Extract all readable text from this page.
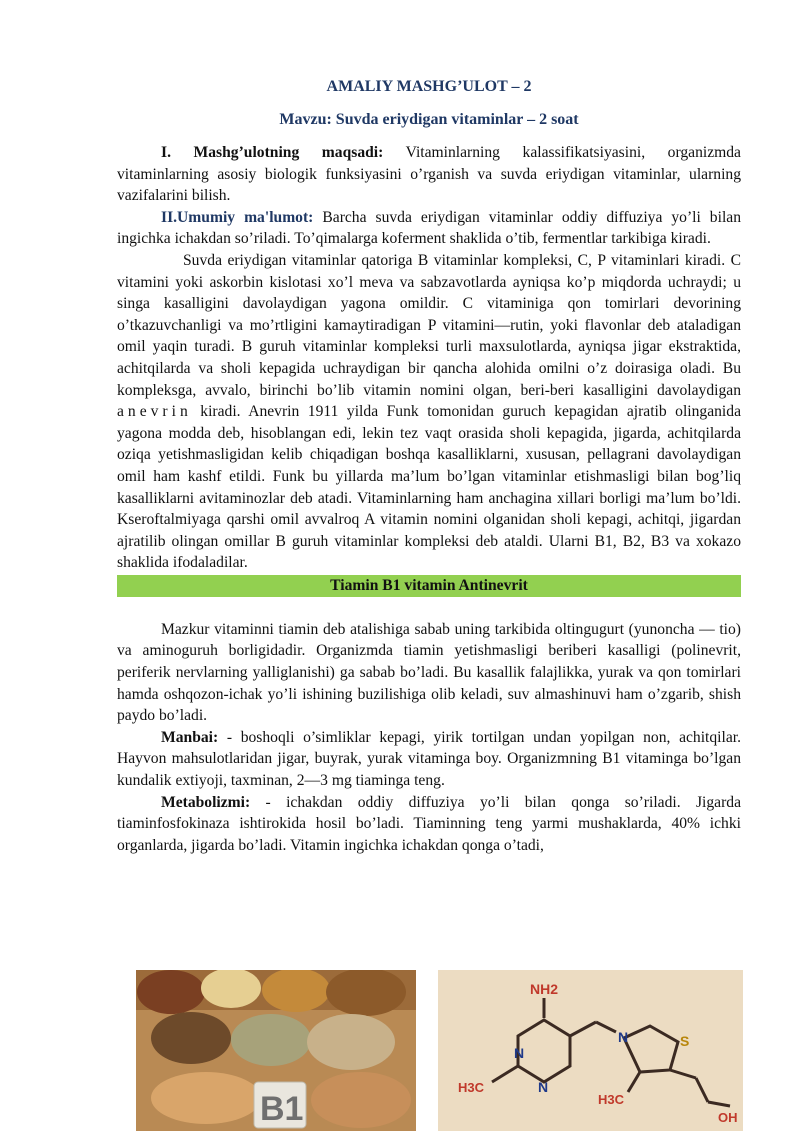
AMALIY MASHG’ULOT – 2
Mavzu: Suvda eriydigan vitaminlar – 2 soat

I. Mashg’ulotning maqsadi: Vitaminlarning kalassifikatsiyasini, organizmda vitaminlarning asosiy biologik funksiyasini o’rganish va suvda eriydigan vitaminlar, ularning vazifalarini bilish.

II.Umumiy ma'lumot: Barcha suvda eriydigan vitaminlar oddiy diffuziya yo’li bilan ingichka ichakdan so’riladi. To’qimalarga koferment shaklida o’tib, fermentlar tarkibiga kiradi.

Suvda eriydigan vitaminlar qatoriga B vitaminlar kompleksi, C, P vitaminlari kiradi. C vitamini yoki askorbin kislotasi xo’l meva va sabzavotlarda ayniqsa ko’p miqdorda uchraydi; u singa kasalligini davolaydigan yagona omildir. C vitaminiga qon tomirlari devorining o’tkazuvchanligi va mo’rtligini kamaytiradigan P vitamini—rutin, yoki flavonlar deb ataladigan omil yaqin turadi. B guruh vitaminlar kompleksi turli maxsulotlarda, ayniqsa jigar ekstraktida, achitqilarda va sholi kepagida uchraydigan bir qancha alohida omilni o’z doirasiga oladi. Bu kompleksga, avvalo, birinchi bo’lib vitamin nomini olgan, beri-beri kasalligini davolaydigan anevrin kiradi. Anevrin 1911 yilda Funk tomonidan guruch kepagidan ajratib olinganida yagona modda deb, hisoblangan edi, lekin tez vaqt orasida sholi kepagida, jigarda, achitqilarda oziqa yetishmasligidan kelib chiqadigan boshqa kasalliklarni, xususan, pellagrani davolaydigan omil ham kashf etildi. Funk bu yillarda ma’lum bo’lgan vitaminlar etishmasligi bilan bog’liq kasalliklarni avitaminozlar deb atadi. Vitaminlarning ham anchagina xillari borligi ma’lum bo’ldi. Kseroftalmiyaga qarshi omil avvalroq A vitamin nomini olganidan sholi kepagi, achitqi, jigardan ajratilib olingan omillar B guruh vitaminlar kompleksi deb ataldi. Ularni B1, B2, B3 va xokazo shaklida ifodaladilar.

Tiamin B1 vitamin Antinevrit

Mazkur vitaminni tiamin deb atalishiga sabab uning tarkibida oltingugurt (yunoncha — tio) va aminoguruh borligidadir. Organizmda tiamin yetishmasligi beriberi kasalligi (polinevrit, periferik nervlarning yalliglanishi) ga sabab bo’ladi. Bu kasallik falajlikka, yurak va qon tomirlari hamda oshqozon-ichak yo’li ishining buzilishiga olib keladi, suv almashinuvi ham o’zgarib, shish paydo bo’ladi.

Manbai: - boshoqli o’simliklar kepagi, yirik tortilgan undan yopilgan non, achitqilar. Hayvon mahsulotlaridan jigar, buyrak, yurak vitaminga boy. Organizmning B1 vitaminga bo’lgan kundalik extiyoji, taxminan, 2—3 mg tiaminga teng.

Metabolizmi: - ichakdan oddiy diffuziya yo’li bilan qonga so’riladi. Jigarda tiaminfosfokinaza ishtirokida hosil bo’ladi. Tiaminning teng yarmi mushaklarda, 40% ichki organlarda, jigarda bo’ladi. Vitamin ingichka ichakdan qonga o’tadi,

B1
NH2
N
N
N	S
H3C
H3C
OH
